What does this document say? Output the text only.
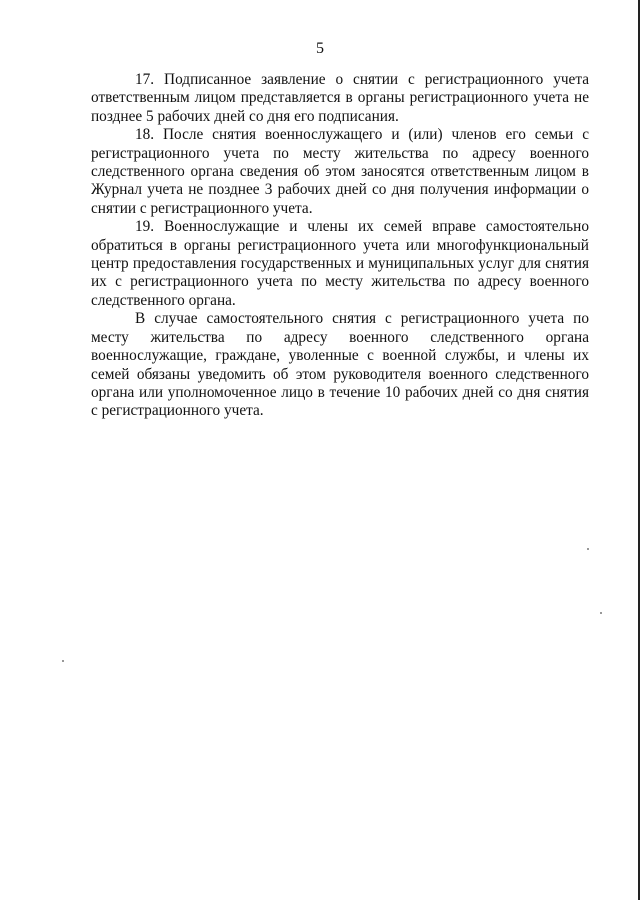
5

17. Подписанное заявление о снятии с регистрационного учета ответственным лицом представляется в органы регистрационного учета не позднее 5 рабочих дней со дня его подписания.

18. После снятия военнослужащего и (или) членов его семьи с регистрационного учета по месту жительства по адресу военного следственного органа сведения об этом заносятся ответственным лицом в Журнал учета не позднее 3 рабочих дней со дня получения информации о снятии с регистрационного учета.

19. Военнослужащие и члены их семей вправе самостоятельно обратиться в органы регистрационного учета или многофункциональный центр предоставления государственных и муниципальных услуг для снятия их с регистрационного учета по месту жительства по адресу военного следственного органа.

В случае самостоятельного снятия с регистрационного учета по месту жительства по адресу военного следственного органа военнослужащие, граждане, уволенные с военной службы, и члены их семей обязаны уведомить об этом руководителя военного следственного органа или уполномоченное лицо в течение 10 рабочих дней со дня снятия с регистрационного учета.
